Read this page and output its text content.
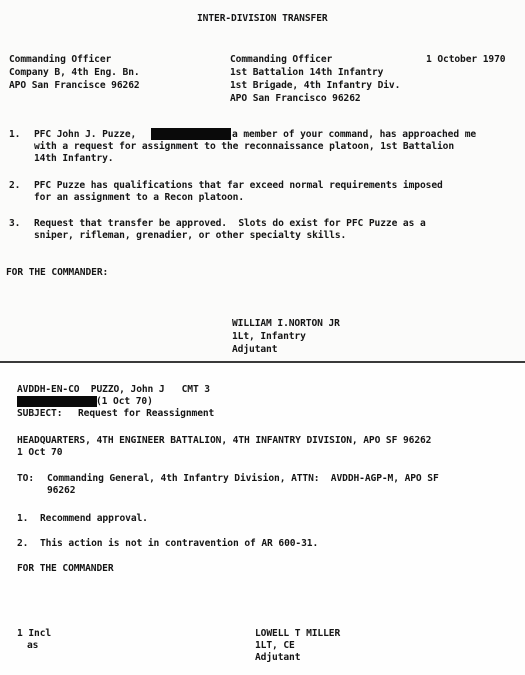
INTER-DIVISION TRANSFER
Commanding Officer
Company B, 4th Eng. Bn.
APO San Francisce 96262
Commanding Officer
1st Battalion 14th Infantry
1st Brigade, 4th Infantry Div.
APO San Francisco 96262
1 October 1970
1. PFC John J. Puzze,	a member of your command, has approached me
with a request for assignment to the reconnaissance platoon, 1st Battalion
14th Infantry.
2. PFC Puzze has qualifications that far exceed normal requirements imposed
for an assignment to a Recon platoon.
3. Request that transfer be approved.  Slots do exist for PFC Puzze as a
sniper, rifleman, grenadier, or other specialty skills.
FOR THE COMMANDER:
WILLIAM I.NORTON JR
1Lt, Infantry
Adjutant
AVDDH-EN-CO  PUZZO, John J   CMT 3
(1 Oct 70)
SUBJECT: Request for Reassignment
HEADQUARTERS, 4TH ENGINEER BATTALION, 4TH INFANTRY DIVISION, APO SF 96262
1 Oct 70
TO: Commanding General, 4th Infantry Division, ATTN:  AVDDH-AGP-M, APO SF
96262
1. Recommend approval.
2. This action is not in contravention of AR 600-31.
FOR THE COMMANDER
1 Incl
as
LOWELL T MILLER
1LT, CE
Adjutant
